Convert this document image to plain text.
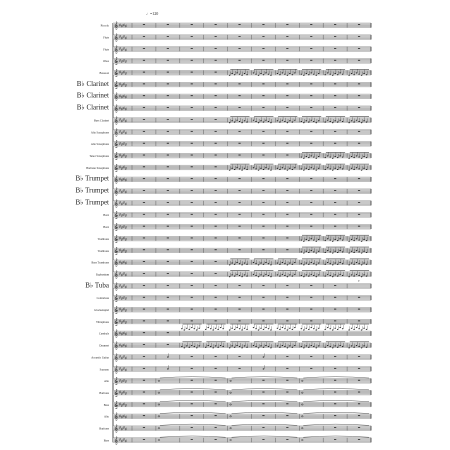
♩=120
Piccolo 𝄞 ♯ ♯ ♯ ♯
Flute 𝄞 ♯ ♯ ♯ ♯
Flute 𝄞 ♯ ♯ ♯ ♯
Oboe 𝄞 ♯ ♯ ♯ ♯
Bassoon 𝄞 ♯ ♯ ♯ ♯
B♭ Clarinet 𝄞 ♯ ♯ ♯ ♯
B♭ Clarinet 𝄞 ♯ ♯ ♯ ♯
B♭ Clarinet 𝄞 ♯ ♯ ♯ ♯
Bass Clarinet 𝄞 ♯ ♯ ♯ ♯
Alto Saxophone 𝄞 ♯ ♯ ♯ ♯
Alto Saxophone 𝄞 ♯ ♯ ♯ ♯
Tenor Saxophone 𝄞 ♯ ♯ ♯ ♯
Baritone Saxophone 𝄞 ♯ ♯ ♯ ♯
B♭ Trumpet 𝄞 ♯ ♯ ♯ ♯
B♭ Trumpet 𝄞 ♯ ♯ ♯ ♯
B♭ Trumpet 𝄞 ♯ ♯ ♯ ♯
Horn 𝄞 ♯ ♯ ♯ ♯
Horn 𝄞 ♯ ♯ ♯ ♯
Trombone 𝄞 ♯ ♯ ♯ ♯
Trombone 𝄞 ♯ ♯ ♯ ♯
Bass Trombone 𝄞 ♯ ♯ ♯ ♯
Euphonium 𝄞 ♯ ♯ ♯ ♯
B♭ Tuba 𝄞 ♯ ♯ ♯ ♯
𝄽𝄾
Contrabass 𝄞 ♯ ♯ ♯ ♯
Glockenspiel 𝄞 ♯ ♯ ♯ ♯
Vibraphone 𝄞 ♯ ♯ ♯ ♯
Cymbals 𝄞 ♯ ♯ ♯ ♯
Drumset 𝄞 ♯ ♯ ♯ ♯
Acoustic Guitar 𝄞 ♯ ♯ ♯ ♯
Soprano 𝄞 ♯ ♯ ♯ ♯
Alto 𝄞 ♯ ♯ ♯ ♯
Baritone 𝄞 ♯ ♯ ♯ ♯
Bass 𝄞 ♯ ♯ ♯ ♯
Alto 𝄞 ♯ ♯ ♯ ♯
Baritone 𝄞 ♯ ♯ ♯ ♯
Bass 𝄞 ♯ ♯ ♯ ♯
